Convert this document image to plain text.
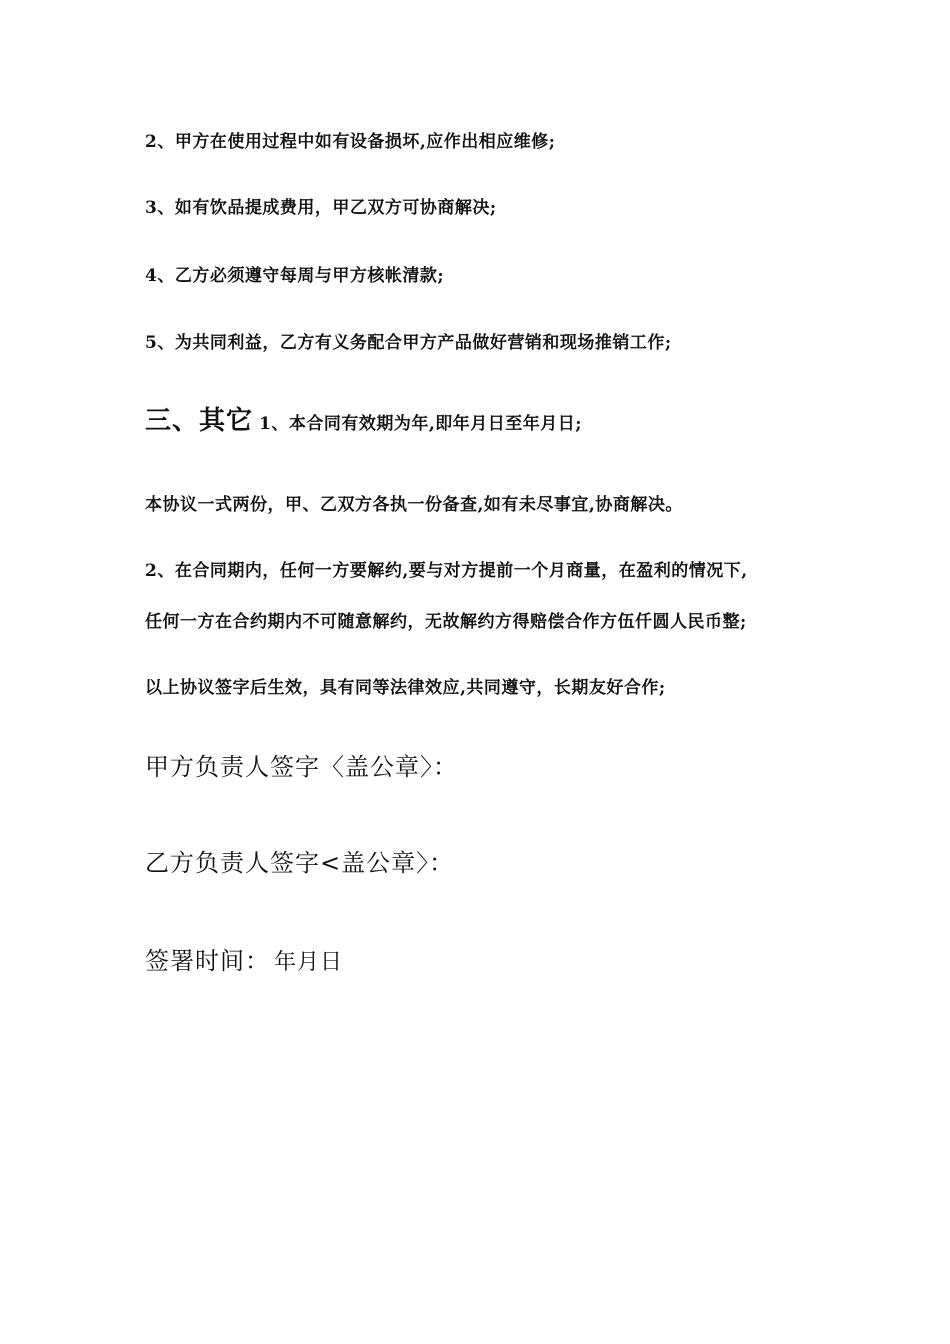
2、甲方在使用过程中如有设备损坏,应作出相应维修;
3、如有饮品提成费用，甲乙双方可协商解决;
4、乙方必须遵守每周与甲方核帐清款;
5、为共同利益，乙方有义务配合甲方产品做好营销和现场推销工作;
三、其它 1、本合同有效期为年,即年月日至年月日;
本协议一式两份，甲、乙双方各执一份备查,如有未尽事宜,协商解决。
2、在合同期内，任何一方要解约,要与对方提前一个月商量，在盈利的情况下,
任何一方在合约期内不可随意解约，无故解约方得赔偿合作方伍仟圆人民币整;
以上协议签字后生效，具有同等法律效应,共同遵守，长期友好合作;
甲方负责人签字〈盖公章〉：
乙方负责人签字<盖公章〉：
签署时间： 年月日
